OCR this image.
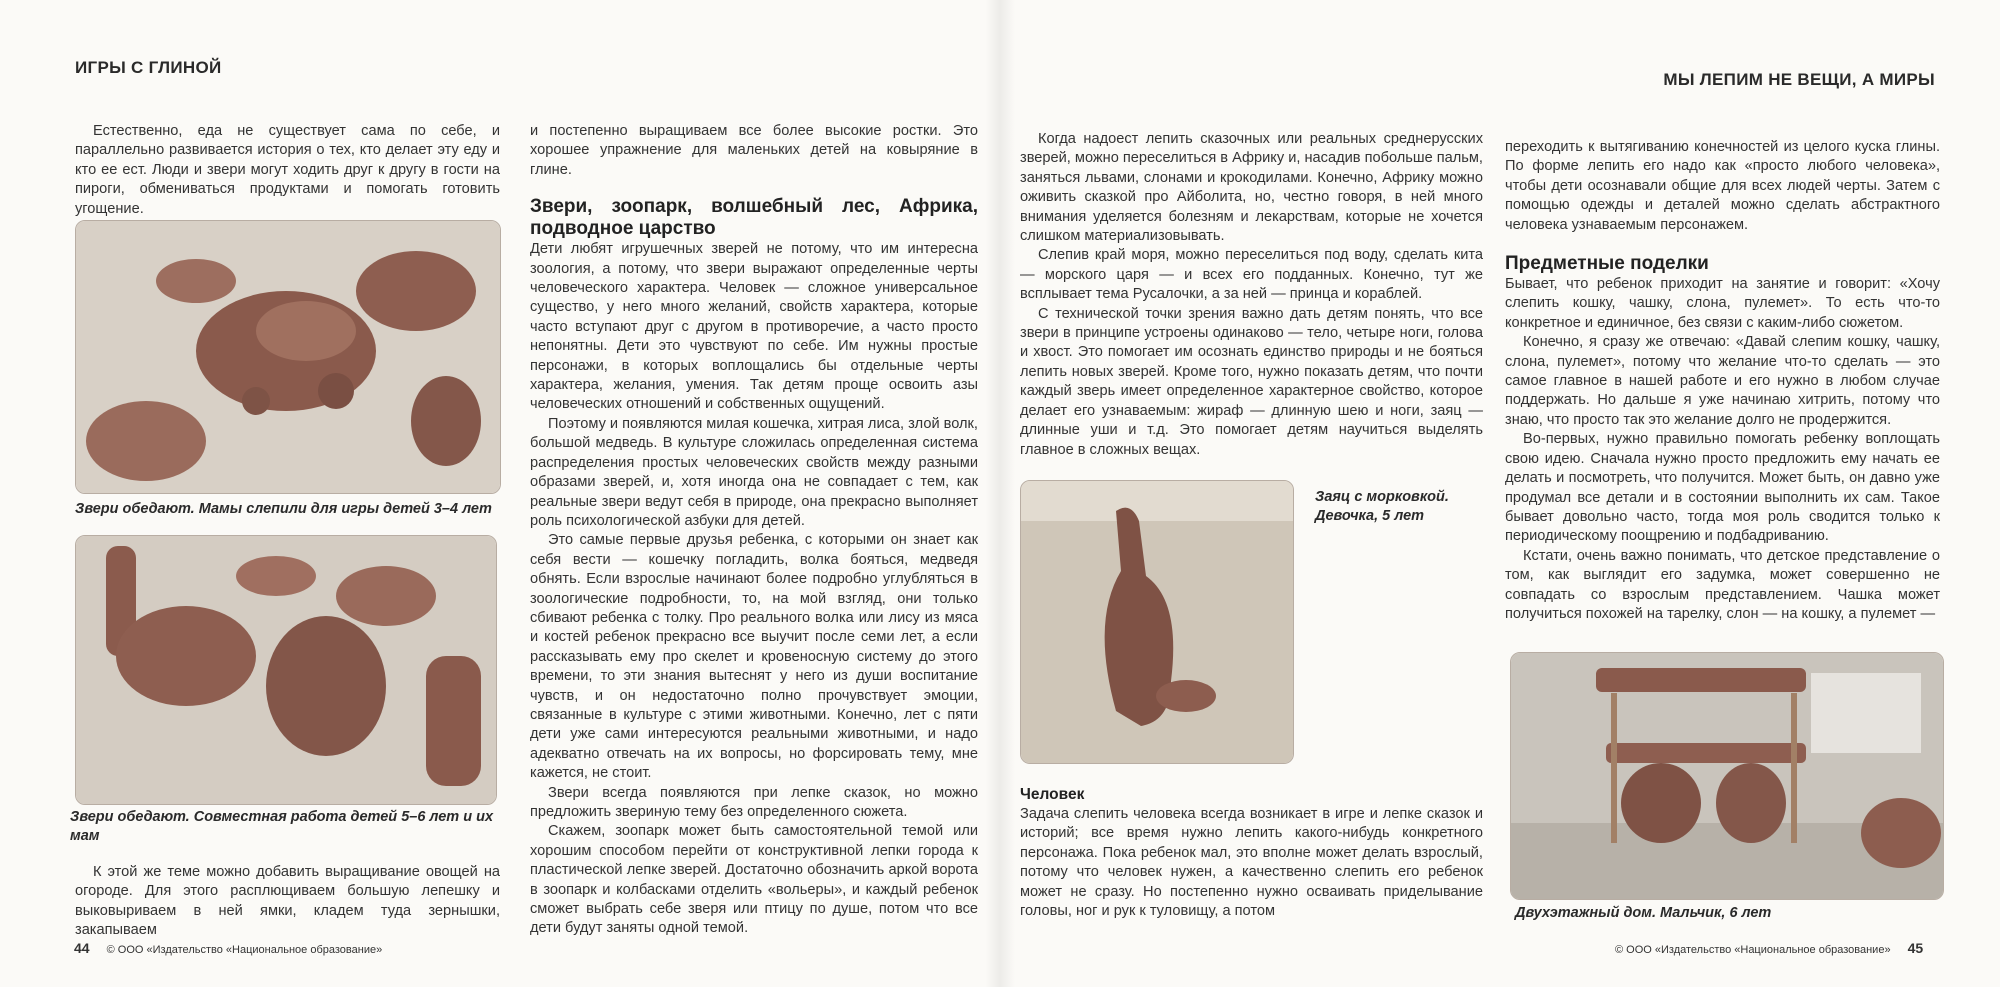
ИГРЫ С ГЛИНОЙ
МЫ ЛЕПИМ НЕ ВЕЩИ, А МИРЫ

Естественно, еда не существует сама по себе, и параллельно развивается история о тех, кто делает эту еду и кто ее ест. Люди и звери могут ходить друг к другу в гости на пироги, обмениваться продуктами и помогать готовить угощение.

Звери обедают. Мамы слепили для игры детей 3–4 лет
Звери обедают. Совместная работа детей 5–6 лет и их мам

К этой же теме можно добавить выращивание овощей на огороде. Для этого расплющиваем большую лепешку и выковыриваем в ней ямки, кладем туда зернышки, закапываем

и постепенно выращиваем все более высокие ростки. Это хорошее упражнение для маленьких детей на ковыряние в глине.

Звери, зоопарк, волшебный лес, Африка, подводное царство

Дети любят игрушечных зверей не потому, что им интересна зоология, а потому, что звери выражают определенные черты человеческого характера. Человек — сложное универсальное существо, у него много желаний, свойств характера, которые часто вступают друг с другом в противоречие, а часто просто непонятны. Дети это чувствуют по себе. Им нужны простые персонажи, в которых воплощались бы отдельные черты характера, желания, умения. Так детям проще освоить азы человеческих отношений и собственных ощущений.

Поэтому и появляются милая кошечка, хитрая лиса, злой волк, большой медведь. В культуре сложилась определенная система распределения простых человеческих свойств между разными образами зверей, и, хотя иногда она не совпадает с тем, как реальные звери ведут себя в природе, она прекрасно выполняет роль психологической азбуки для детей.

Это самые первые друзья ребенка, с которыми он знает как себя вести — кошечку погладить, волка бояться, медведя обнять. Если взрослые начинают более подробно углубляться в зоологические подробности, то, на мой взгляд, они только сбивают ребенка с толку. Про реального волка или лису из мяса и костей ребенок прекрасно все выучит после семи лет, а если рассказывать ему про скелет и кровеносную систему до этого времени, то эти знания вытеснят у него из души воспитание чувств, и он недостаточно полно прочувствует эмоции, связанные в культуре с этими животными. Конечно, лет с пяти дети уже сами интересуются реальными животными, и надо адекватно отвечать на их вопросы, но форсировать тему, мне кажется, не стоит.

Звери всегда появляются при лепке сказок, но можно предложить звериную тему без определенного сюжета.

Скажем, зоопарк может быть самостоятельной темой или хорошим способом перейти от конструктивной лепки города к пластической лепке зверей. Достаточно обозначить аркой ворота в зоопарк и колбасками отделить «вольеры», и каждый ребенок сможет выбрать себе зверя или птицу по душе, потом что все дети будут заняты одной темой.

44 © ООО «Издательство «Национальное образование»

Когда надоест лепить сказочных или реальных среднерусских зверей, можно переселиться в Африку и, насадив побольше пальм, заняться львами, слонами и крокодилами. Конечно, Африку можно оживить сказкой про Айболита, но, честно говоря, в ней много внимания уделяется болезням и лекарствам, которые не хочется слишком материализовывать.

Слепив край моря, можно переселиться под воду, сделать кита — морского царя — и всех его подданных. Конечно, тут же всплывает тема Русалочки, а за ней — принца и кораблей.

С технической точки зрения важно дать детям понять, что все звери в принципе устроены одинаково — тело, четыре ноги, голова и хвост. Это помогает им осознать единство природы и не бояться лепить новых зверей. Кроме того, нужно показать детям, что почти каждый зверь имеет определенное характерное свойство, которое делает его узнаваемым: жираф — длинную шею и ноги, заяц — длинные уши и т.д. Это помогает детям научиться выделять главное в сложных вещах.

Заяц с морковкой. Девочка, 5 лет
Человек

Задача слепить человека всегда возникает в игре и лепке сказок и историй; все время нужно лепить какого-нибудь конкретного персонажа. Пока ребенок мал, это вполне может делать взрослый, потому что человек нужен, а качественно слепить его ребенок может не сразу. Но постепенно нужно осваивать приделывание головы, ног и рук к туловищу, а потом

переходить к вытягиванию конечностей из целого куска глины. По форме лепить его надо как «просто любого человека», чтобы дети осознавали общие для всех людей черты. Затем с помощью одежды и деталей можно сделать абстрактного человека узнаваемым персонажем.

Предметные поделки

Бывает, что ребенок приходит на занятие и говорит: «Хочу слепить кошку, чашку, слона, пулемет». То есть что-то конкретное и единичное, без связи с каким-либо сюжетом.

Конечно, я сразу же отвечаю: «Давай слепим кошку, чашку, слона, пулемет», потому что желание что-то сделать — это самое главное в нашей работе и его нужно в любом случае поддержать. Но дальше я уже начинаю хитрить, потому что знаю, что просто так это желание долго не продержится.

Во-первых, нужно правильно помогать ребенку воплощать свою идею. Сначала нужно просто предложить ему начать ее делать и посмотреть, что получится. Может быть, он давно уже продумал все детали и в состоянии выполнить их сам. Такое бывает довольно часто, тогда моя роль сводится только к периодическому поощрению и подбадриванию.

Кстати, очень важно понимать, что детское представление о том, как выглядит его задумка, может совершенно не совпадать со взрослым представлением. Чашка может получиться похожей на тарелку, слон — на кошку, а пулемет —

Двухэтажный дом. Мальчик, 6 лет
© ООО «Издательство «Национальное образование» 45
